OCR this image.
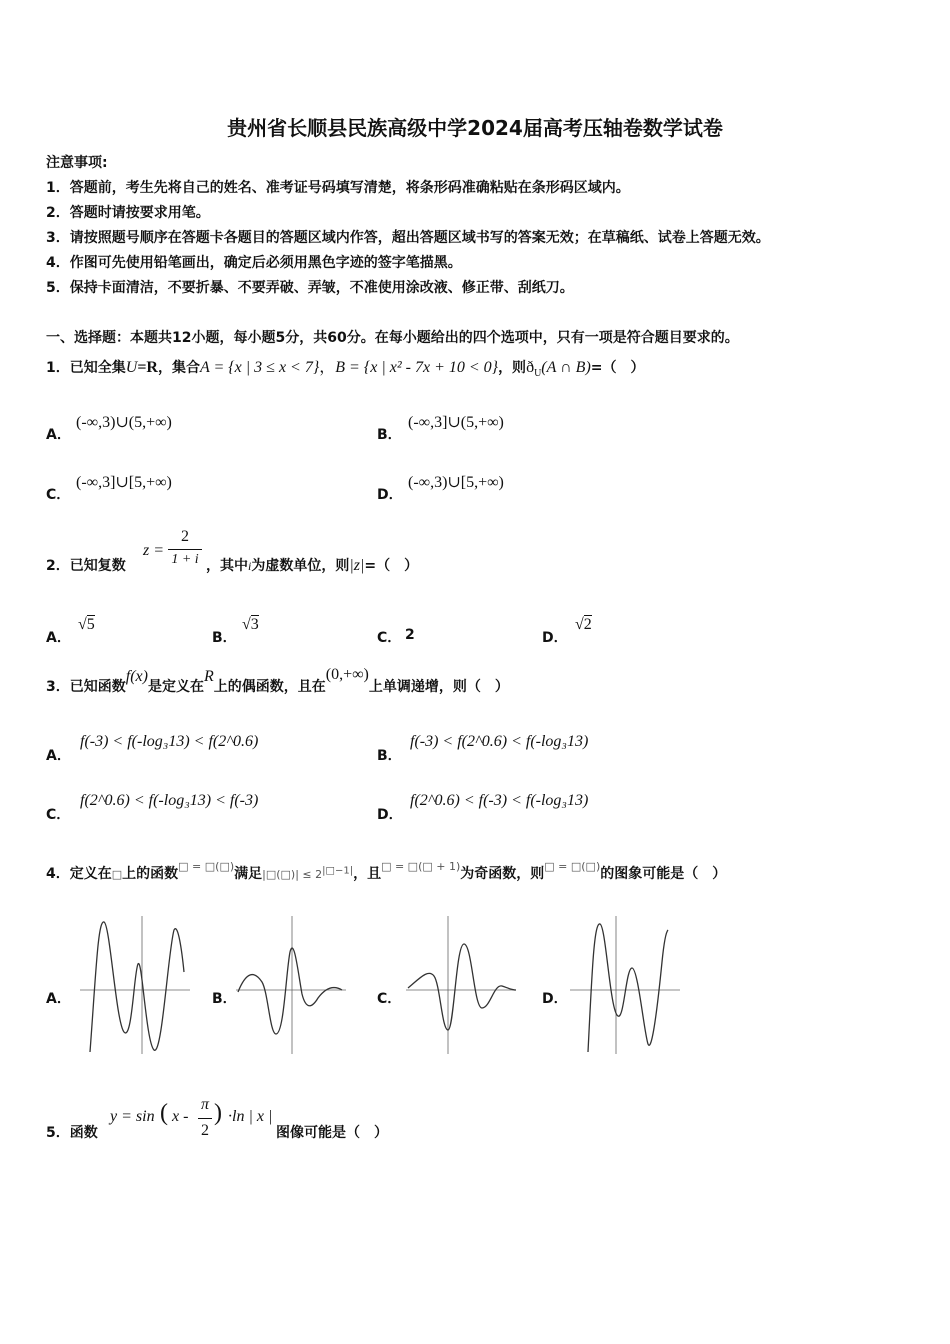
贵州省长顺县民族高级中学2024届高考压轴卷数学试卷
注意事项:
1．答题前，考生先将自己的姓名、准考证号码填写清楚，将条形码准确粘贴在条形码区域内。
2．答题时请按要求用笔。
3．请按照题号顺序在答题卡各题目的答题区域内作答，超出答题区域书写的答案无效；在草稿纸、试卷上答题无效。
4．作图可先使用铅笔画出，确定后必须用黑色字迹的签字笔描黑。
5．保持卡面清洁，不要折暴、不要弄破、弄皱，不准使用涂改液、修正带、刮纸刀。
一、选择题：本题共12小题，每小题5分，共60分。在每小题给出的四个选项中，只有一项是符合题目要求的。
1．已知全集U=R，集合A = {x | 3 ≤ x < 7}，B = {x | x² - 7x + 10 < 0}，则$ð_U(A$ ∩ B)=（　）
A．
(-∞,3)∪(5,+∞)
B．
(-∞,3]∪(5,+∞)
C．
(-∞,3]∪[5,+∞)
D．
(-∞,3)∪[5,+∞)
2．已知复数
z =
2
1 + i ，其中i为虚数单位，则|z|=（　）
A．
√5
B．
√3
C． 2	D．
√2
3．已知函数f(x)是定义在R上的偶函数，且在(0,+∞)上单调递增，则（　）
A．
f(-3) < f(-log₃13) < f(2^0.6)
B．
f(-3) < f(2^0.6) < f(-log₃13)
C．
f(2^0.6) < f(-log₃13) < f(-3)
D．
f(2^0.6) < f(-3) < f(-log₃13)
4．定义在□上的函数□ = □(□)满足|□(□)| ≤ $2^{|□-1|}$，且$^{□ = □(□ + 1)}$为奇函数，则□ = □(□)的图象可能是（　）
A．	B．	C．	D．
5．函数
y = sin ( x -
π
2
) ·ln | x |
图像可能是（　）
